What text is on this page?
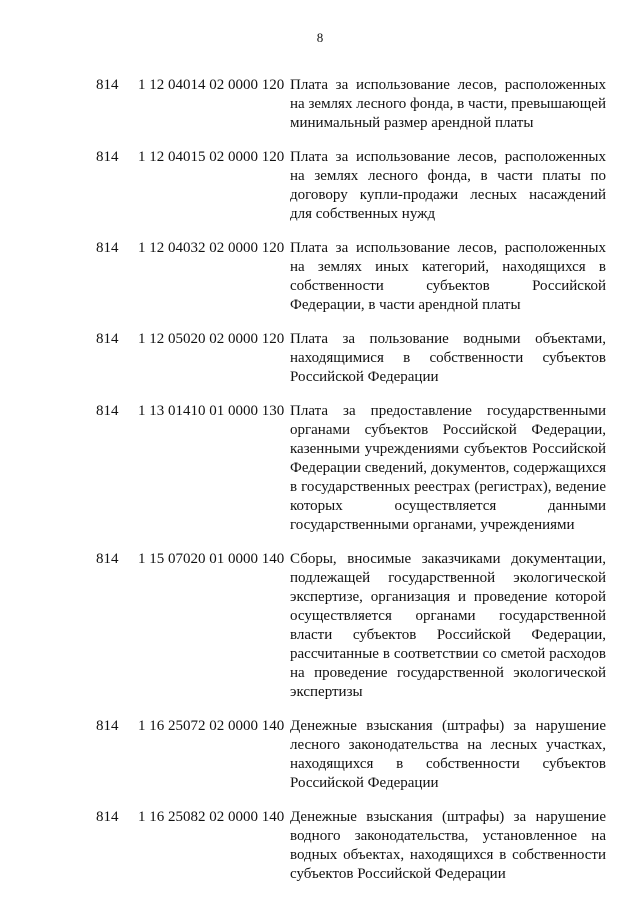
8
814	1 12 04014 02 0000 120 Плата за использование лесов, расположенных на землях лесного фонда, в части, превышающей минимальный размер арендной платы
814	1 12 04015 02 0000 120 Плата за использование лесов, расположенных на землях лесного фонда, в части платы по договору купли-продажи лесных насаждений для собственных нужд
814	1 12 04032 02 0000 120 Плата за использование лесов, расположенных на землях иных категорий, находящихся в собственности субъектов Российской Федерации, в части арендной платы
814	1 12 05020 02 0000 120 Плата за пользование водными объектами, находящимися в собственности субъектов Российской Федерации
814	1 13 01410 01 0000 130 Плата за предоставление государственными органами субъектов Российской Федерации, казенными учреждениями субъектов Российской Федерации сведений, документов, содержащихся в государственных реестрах (регистрах), ведение которых осуществляется данными государственными органами, учреждениями
814	1 15 07020 01 0000 140 Сборы, вносимые заказчиками документации, подлежащей государственной экологической экспертизе, организация и проведение которой осуществляется органами государственной власти субъектов Российской Федерации, рассчитанные в соответствии со сметой расходов на проведение государственной экологической экспертизы
814	1 16 25072 02 0000 140 Денежные взыскания (штрафы) за нарушение лесного законодательства на лесных участках, находящихся в собственности субъектов Российской Федерации
814	1 16 25082 02 0000 140 Денежные взыскания (штрафы) за нарушение водного законодательства, установленное на водных объектах, находящихся в собственности субъектов Российской Федерации
